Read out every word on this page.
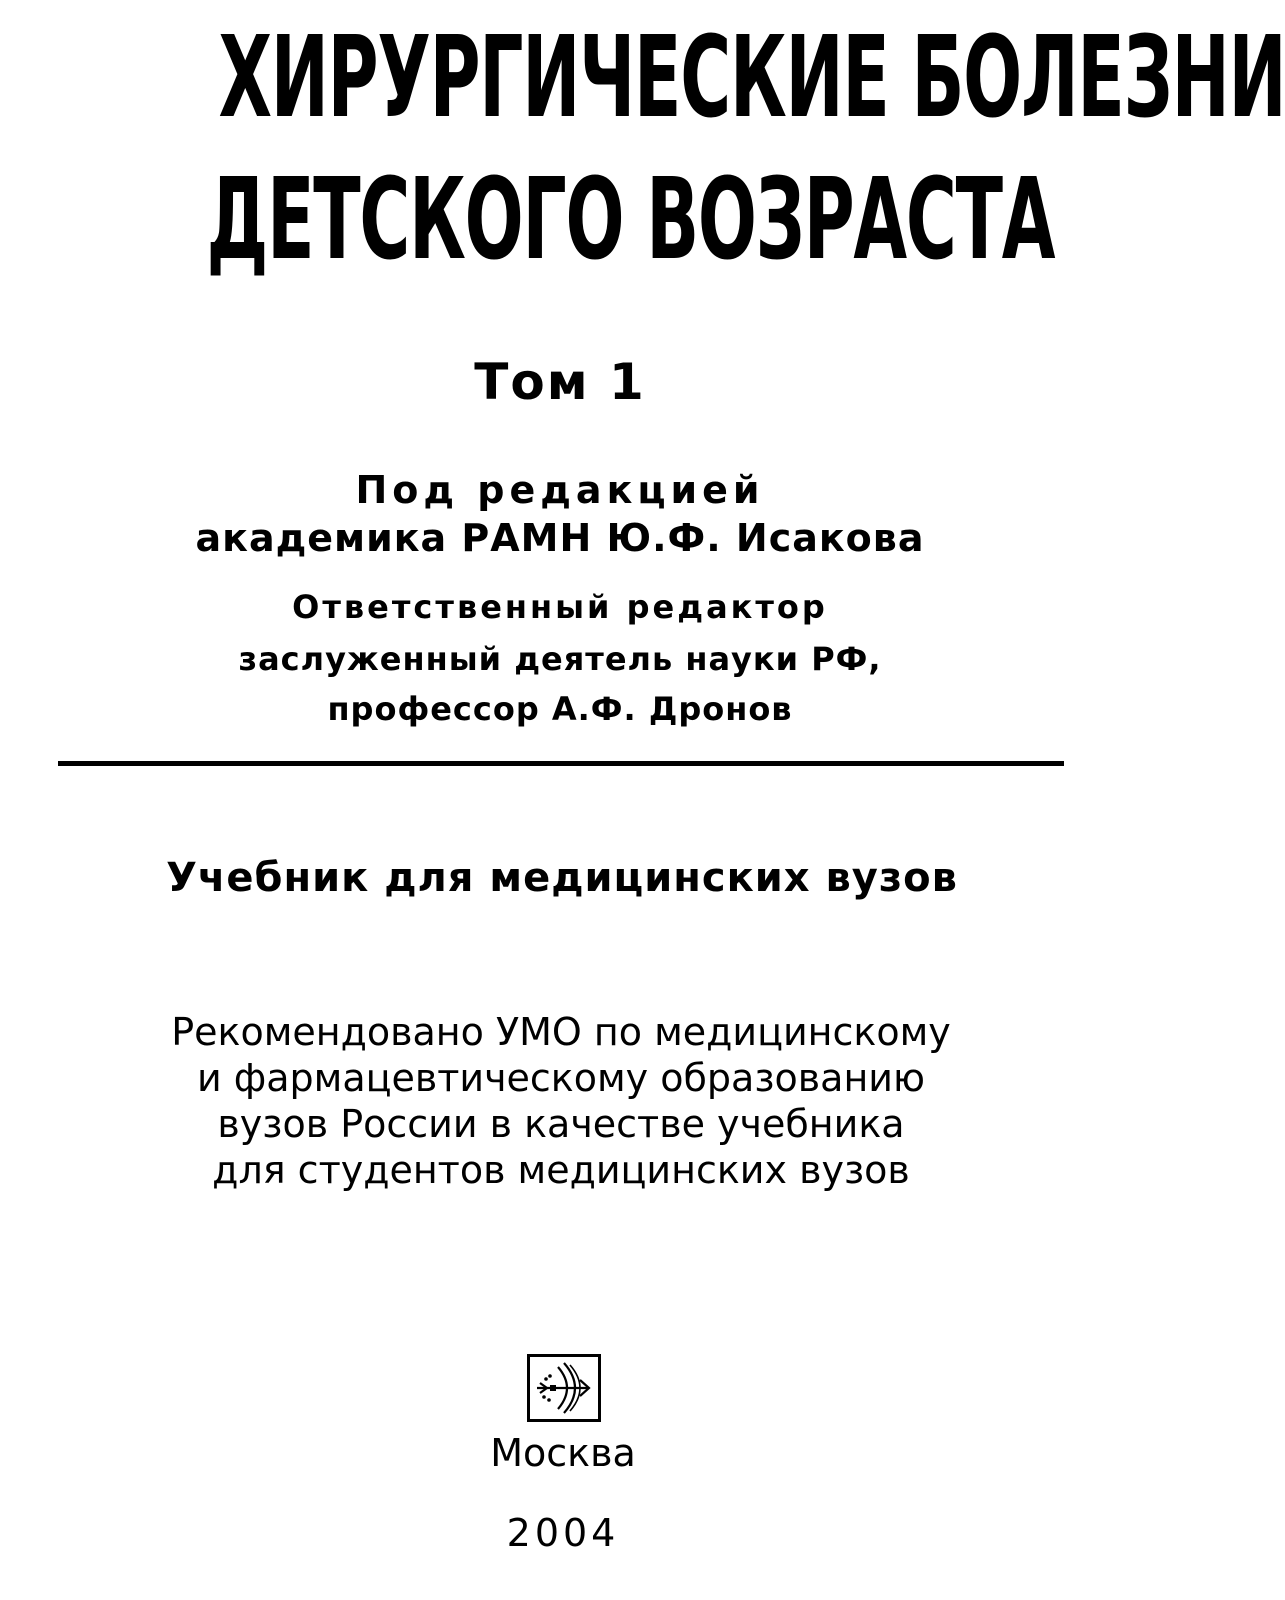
ХИРУРГИЧЕСКИЕ БОЛЕЗНИ
ДЕТСКОГО ВОЗРАСТА
Том 1
Под редакцией
академика РАМН Ю.Ф. Исакова
Ответственный редактор
заслуженный деятель науки РФ,
профессор А.Ф. Дронов
Учебник для медицинских вузов
Рекомендовано УМО по медицинскому
и фармацевтическому образованию
вузов России в качестве учебника
для студентов медицинских вузов
Москва
2004
